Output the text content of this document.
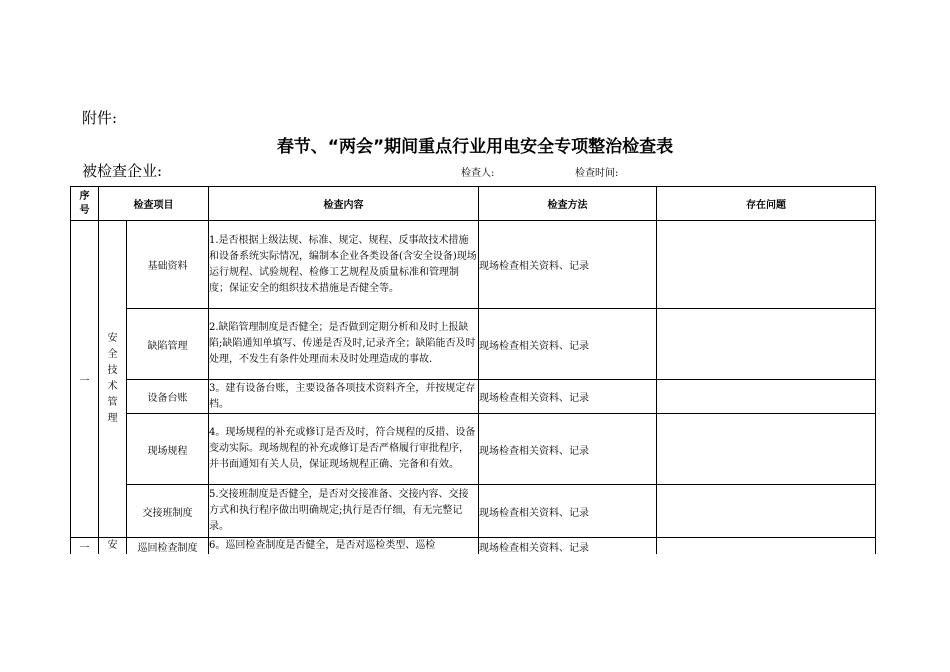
附件:
春节、“两会”期间重点行业用电安全专项整治检查表
被检查企业:	检查人:	检查时间:
序号	检查项目		检查内容	检查方法	存在问题
一	安全技术管理	基础资料	1.是否根据上级法规、标准、规定、规程、反事故技术措施和设备系统实际情况，编制本企业各类设备(含安全设备)现场运行规程、试验规程、检修工艺规程及质量标准和管理制度；保证安全的组织技术措施是否健全等。	现场检查相关资料、记录	
		缺陷管理	2.缺陷管理制度是否健全；是否做到定期分析和及时上报缺陷;缺陷通知单填写、传递是否及时,记录齐全；缺陷能否及时处理，不发生有条件处理而未及时处理造成的事故.	现场检查相关资料、记录	
		设备台账	3。建有设备台账，主要设备各项技术资料齐全，并按规定存档。	现场检查相关资料、记录	
		现场规程	4。现场规程的补充或修订是否及时，符合规程的反措、设备变动实际。现场规程的补充或修订是否严格履行审批程序，并书面通知有关人员，保证现场规程正确、完备和有效。	现场检查相关资料、记录	
		交接班制度	5.交接班制度是否健全，是否对交接准备、交接内容、交接方式和执行程序做出明确规定;执行是否仔细，有无完整记录。	现场检查相关资料、记录	
一	安	巡回检查制度	6。巡回检查制度是否健全，是否对巡检类型、巡检	现场检查相关资料、记录	
